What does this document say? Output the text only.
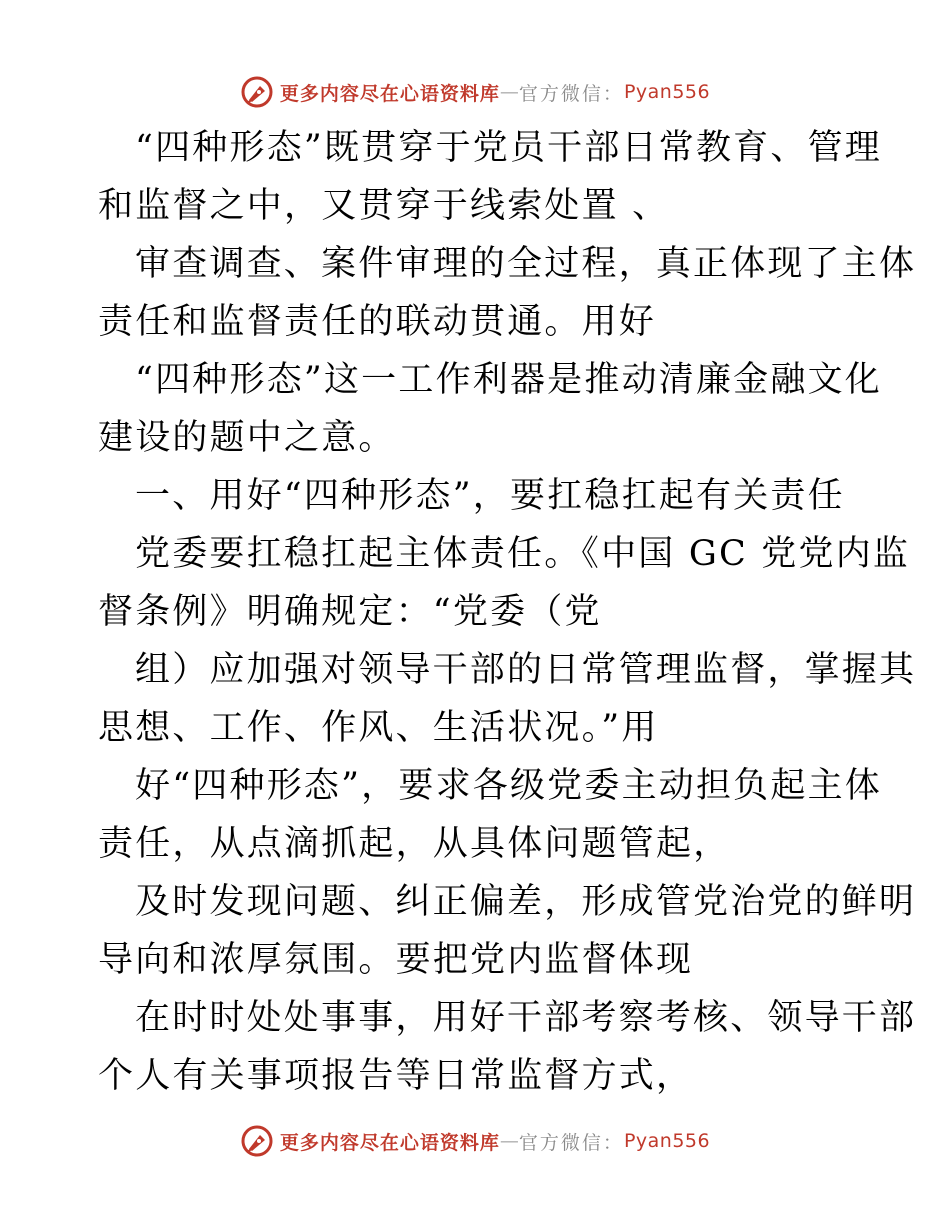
更多内容尽在心语资料库 — 官方微信： Pyan556
“四种形态”既贯穿于党员干部日常教育、管理
和监督之中，又贯穿于线索处置 、
审查调查、案件审理的全过程，真正体现了主体
责任和监督责任的联动贯通。用好
“四种形态”这一工作利器是推动清廉金融文化
建设的题中之意。
一、用好“四种形态”，要扛稳扛起有关责任
党委要扛稳扛起主体责任。《中国 GC 党党内监
督条例》明确规定：“党委（党
组）应加强对领导干部的日常管理监督，掌握其
思想、工作、作风、生活状况。”用
好“四种形态”，要求各级党委主动担负起主体
责任，从点滴抓起，从具体问题管起，
及时发现问题、纠正偏差，形成管党治党的鲜明
导向和浓厚氛围。要把党内监督体现
在时时处处事事，用好干部考察考核、领导干部
个人有关事项报告等日常监督方式，
更多内容尽在心语资料库 — 官方微信： Pyan556
